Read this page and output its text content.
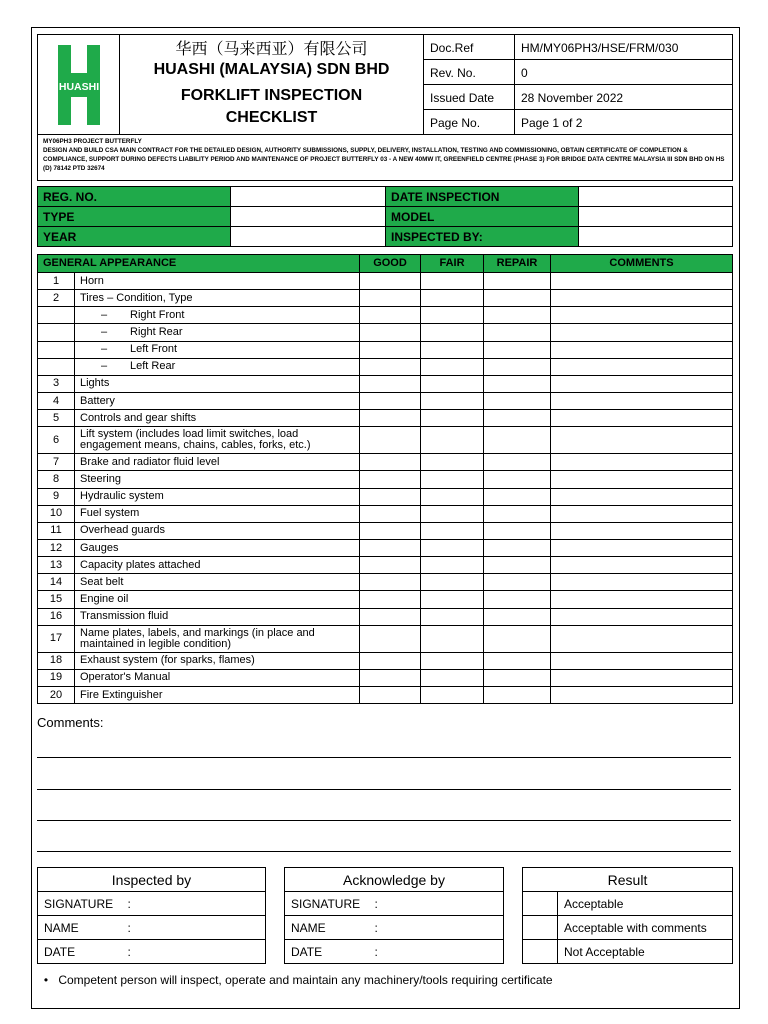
HUASHI
华西（马来西亚）有限公司
HUASHI (MALAYSIA) SDN BHD
FORKLIFT INSPECTION
CHECKLIST
Doc.Ref	HM/MY06PH3/HSE/FRM/030
Rev. No.	0
Issued Date	28 November 2022
Page No.	Page 1 of 2
MY06PH3 PROJECT BUTTERFLY
DESIGN AND BUILD CSA MAIN CONTRACT FOR THE DETAILED DESIGN, AUTHORITY SUBMISSIONS, SUPPLY, DELIVERY, INSTALLATION, TESTING AND COMMISSIONING, OBTAIN CERTIFICATE OF COMPLETION & COMPLIANCE, SUPPORT DURING DEFECTS LIABILITY PERIOD AND MAINTENANCE OF PROJECT BUTTERFLY 03 - A NEW 40MW IT, GREENFIELD CENTRE (PHASE 3) FOR BRIDGE DATA CENTRE MALAYSIA III SDN BHD ON HS (D) 78142 PTD 32674
REG. NO.		DATE INSPECTION	
TYPE		MODEL	
YEAR		INSPECTED BY:	
GENERAL APPEARANCE		GOOD	FAIR	REPAIR	COMMENTS
1	Horn				
2	Tires – Condition, Type				
	– Right Front				
	– Right Rear				
	– Left Front				
	– Left Rear				
3	Lights				
4	Battery				
5	Controls and gear shifts				
6	Lift system (includes load limit switches, load engagement means, chains, cables, forks, etc.)				
7	Brake and radiator fluid level				
8	Steering				
9	Hydraulic system				
10	Fuel system				
11	Overhead guards				
12	Gauges				
13	Capacity plates attached				
14	Seat belt				
15	Engine oil				
16	Transmission fluid				
17	Name plates, labels, and markings (in place and maintained in legible condition)				
18	Exhaust system (for sparks, flames)				
19	Operator's Manual				
20	Fire Extinguisher				
Comments:
Inspected by		
SIGNATURE	:	
NAME	:	
DATE	:	
Acknowledge by		
SIGNATURE	:	
NAME	:	
DATE	:	
Result	
	Acceptable
	Acceptable with comments
	Not Acceptable
• Competent person will inspect, operate and maintain any machinery/tools requiring certificate
